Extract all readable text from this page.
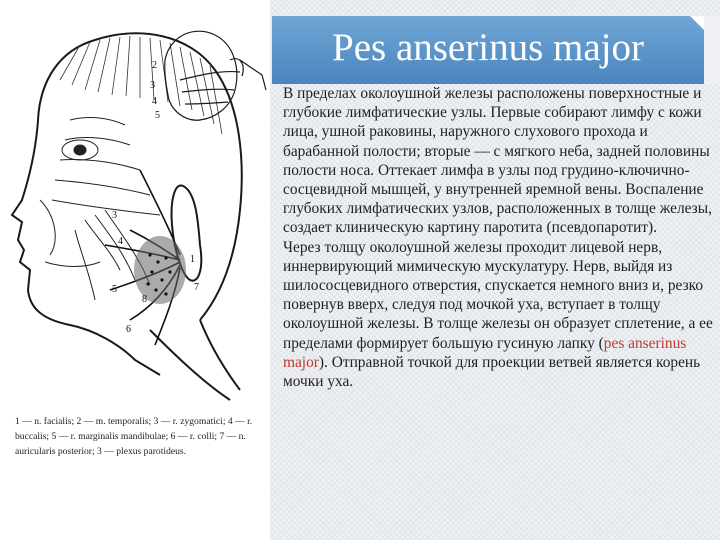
2
3
4
5
3
4
5
6
1
7
8
1 — n. facialis; 2 — m. temporalis; 3 — r. zygomatici; 4 — r. buccalis; 5 — r. marginalis mandibulae; 6 — r. colli; 7 — n. auricularis posterior; 3 — plexus parotideus.
Pes anserinus major

В пределах околоушной железы расположены поверхностные и глубокие лимфатические узлы. Первые собирают лимфу с кожи лица, ушной раковины, наружного слухового прохода и барабанной полости; вторые — с мягкого неба, задней половины полости носа. Оттекает лимфа в узлы под грудино-ключично-сосцевидной мышцей, у внутренней яремной вены. Воспаление глубоких лимфатических узлов, расположенных в толще железы, создает клиническую картину паротита (псевдопаротит).

Через толщу околоушной железы проходит лицевой нерв, иннервирующий мимическую мускулатуру. Нерв, выйдя из шилососцевидного отверстия, спускается немного вниз и, резко повернув вверх, следуя под мочкой уха, вступает в толщу околоушной железы. В толще железы он образует сплетение, а ее пределами формирует большую гусиную лапку (pes anserinus major). Отправной точкой для проекции ветвей является корень мочки уха.
